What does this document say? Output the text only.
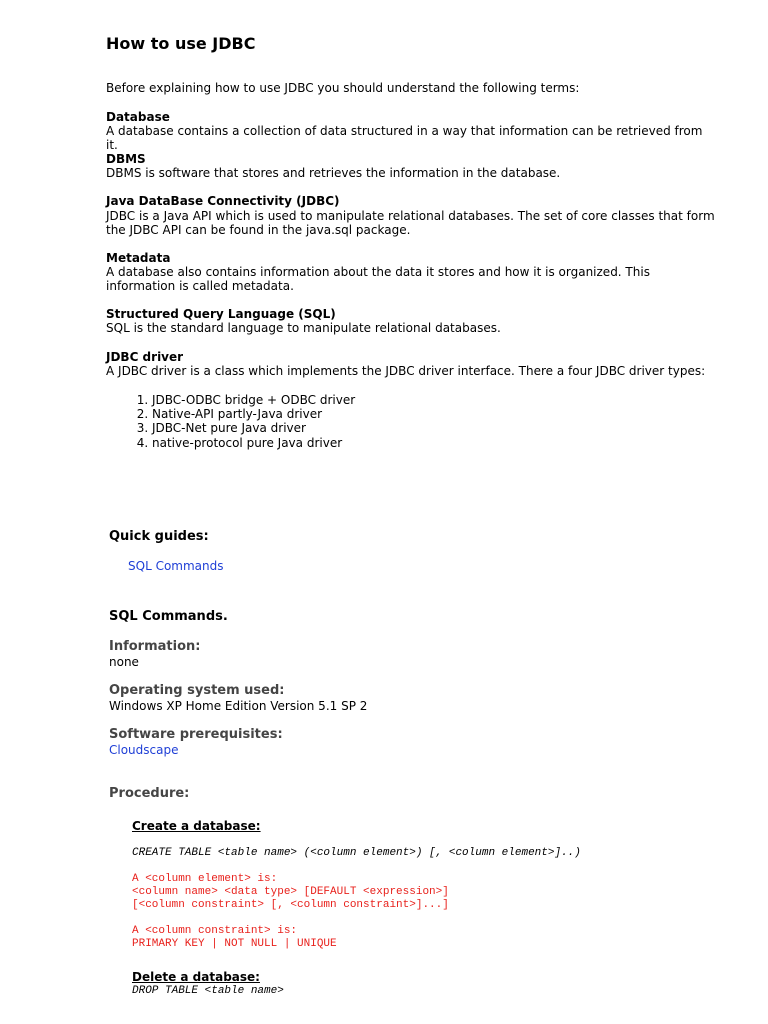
How to use JDBC

Before explaining how to use JDBC you should understand the following terms:

Database

A database contains a collection of data structured in a way that information can be retrieved from it.

DBMS

DBMS is software that stores and retrieves the information in the database.

Java DataBase Connectivity (JDBC)

JDBC is a Java API which is used to manipulate relational databases. The set of core classes that form the JDBC API can be found in the java.sql package.

Metadata

A database also contains information about the data it stores and how it is organized. This information is called metadata.

Structured Query Language (SQL)

SQL is the standard language to manipulate relational databases.

JDBC driver

A JDBC driver is a class which implements the JDBC driver interface. There a four JDBC driver types:

1. JDBC-ODBC bridge + ODBC driver
2. Native-API partly-Java driver
3. JDBC-Net pure Java driver
4. native-protocol pure Java driver
Quick guides:
SQL Commands
SQL Commands.
Information:
none
Operating system used:
Windows XP Home Edition Version 5.1 SP 2
Software prerequisites:
Cloudscape
Procedure:
Create a database:
CREATE TABLE <table name> (<column element>) [, <column element>]..)
A <column element> is:
<column name> <data type> [DEFAULT <expression>]
[<column constraint> [, <column constraint>]...]
A <column constraint> is:
PRIMARY KEY | NOT NULL | UNIQUE
Delete a database:
DROP TABLE <table name>
